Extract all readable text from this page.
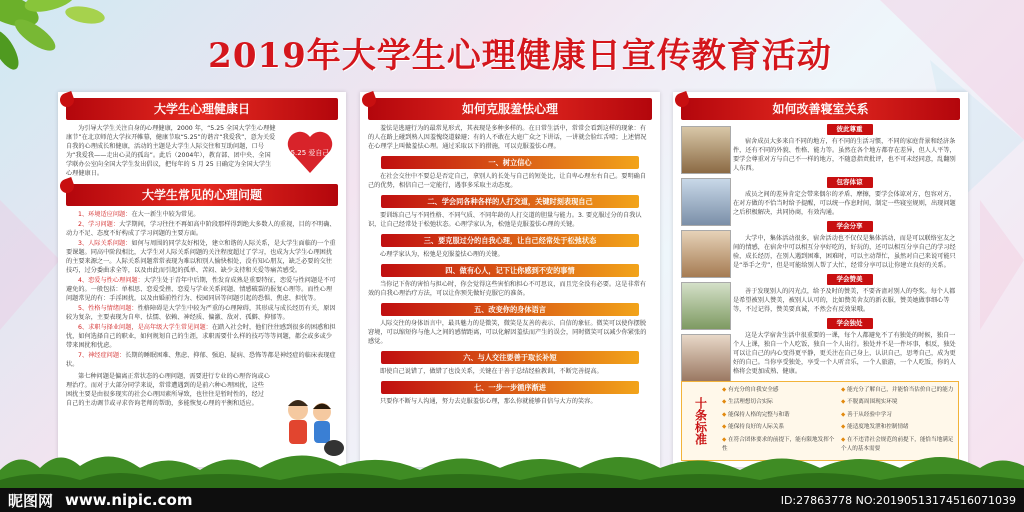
2019年大学生心理健康日宣传教育活动
大学生心理健康日

为引导大学生关注自身的心理健康，2000 年，“5.25 全国大学生心理健康节”在北京师范大学拉开帷幕，健康节取“5.25”的谐音“我爱我”，意为关爱自我的心理成长和健康，活动的主题是大学生人际交往和互助问题，口号为“我爱我——走出心灵的孤岛”。此后（2004年），教育部、团中央、全国学联办公室向全国大学生发出倡议，把每年的 5 月 25 日确定为全国大学生心理健康日。

5.25 爱自己
大学生常见的心理问题

1、环境适应问题：在大一新生中较为常见。

2、学习问题：大学期间，学习往往不再如高中阶段那样得到绝大多数人的重视，目的不明确、动力不足、态度不好构成了学习问题的主要方面。

3、人际关系问题：如何与周围的同学友好相处，建立和谐的人际关系，是大学生面临的一个重要课题。同高中阶段相比，大学生对人际关系问题的关注程度超过了学习，也成为大学生心理困扰的主要来源之一。人际关系问题常常表现为难以和别人愉快相处，没有知心朋友，缺乏必要的交往技巧，过分委曲求全等，以及由此而引起的孤单、苦闷、缺少支持和关爱等痛苦感受。

4、恋爱与性心理问题：大学生处于青年中后期，性发育成熟是重要特征，恋爱与性问题是不可避免的。一般包括：单相思、恋爱受挫、恋爱与学业关系问题、情感破裂的报复心理等。而性心理问题常见的有：手淫困扰，以及由婚前性行为、校园同居等问题引起的恐惧、焦虑、担忧等。

5、性格与情绪问题：性格障碍是大学生中较为严重的心理障碍，其形成与成长经历有关，原因较为复杂，主要表现为自卑、怯懦、依赖、神经质、偏激、敌对、孤僻、抑郁等。

6、求职与择业问题，是高年级大学生常见问题：在踏入社会时，他们往往感到很多的困惑和担忧，如何选择自己的职业，如何规划自己的生涯，求职需要什么样的技巧等等问题，都会或多或少带来困扰和忧虑。

7、神经症问题：长期的睡眠困难、焦虑、抑郁、强迫、疑病、恐怖等都是神经症的临床表现症状。

第七种问题是偏离正常状态的心理问题，需要进行专业的心理咨询或心理治疗。而对于大部分同学来说，常常遭遇到的是前六种心理困扰，这些困扰主要是由很多现实的社会心理因素所导致，也往往是暂时性的，经过自己的主动调节或寻求咨询老师的帮助，多能恢复心理的平衡和适应。

如何克服羞怯心理

羞怯是逃避行为的最常见形式，其表现是多种多样的。在日常生活中，常常会看到这样的现象：有的人在路上碰到熟人因羞愧绕道躲避；有的人不敢在大庭广众之下讲话，一讲就会脸红舌噎；上述情况在心理学上叫做羞怯心理。通过采取以下的措施，可以克服羞怯心理。

一、树立信心

在社会交往中不要总是否定自己，拿别人的长处与自己的短处比，让自卑心理左右自己。要明确自己的优势，相信自己一定能行，遇事多采取主动态度。

二、学会同各种各样的人打交道，关键时刻表现自己

要训练自己与不同性格、不同气质、不同年龄的人打交道的胆量与能力。3. 要克服过分的自我认识，让自己经常处于松弛状态。心理学家认为，松弛是克服羞怯心理的关键。

三、要克服过分的自我心理，让自己经常处于松弛状态

心理学家认为，松弛是克服羞怯心理的关键。

四、做有心人，记下让你感到不安的事情

当你记下你的害怕与担心时，你会觉得这些害怕和担心不可思议，而且完全没有必要。这是非常有效的自我心理治疗方法，可以让你预先做好克服它的准备。

五、改变你的身体语言

人际交往的身体语言中，最具魅力的是微笑，微笑是友善的表示、自信的象征。微笑可以使你摆脱窘境，可以缩短你与他人之间的感情距离，可以化解因羞怯而产生的误会，同时微笑可以减少你紧张的感觉。

六、与人交往要善于取长补短

即使自己说错了，做错了也没关系，关键在于善于总结经验教训，不断完善提高。

七、一步一步循序渐进

只要你不断与人沟通，努力去克服羞怯心理，那么你就能够自信与大方的笑容。

如何改善寝室关系
彼此尊重

宿舍成员大多来自不同的地方，有不同的生活习惯，不同的家庭背景和经济条件，还有不同的外貌、性格、能力等。虽然在各个地方都存在差异，但人人平等，要学会尊重对方与自己不一样的地方，不随意指责批评，也不可未经同意，乱翻别人东西。

包容体谅

成员之间的差异肯定会带来偶尔的矛盾、摩擦，要学会体谅对方，包容对方，在对方做的不恰当时给予提醒，可以统一作息时间，制定一些寝室规则，出现问题之后积极解决，共同协商，有效沟通。

学会分享

大学中，集体活动很多，宿舍活动也不仅仅是集体活动，而是可以联络室友之间的情感，在宿舍中可以相互分享好吃的，好玩的，还可以相互分享自己的学习经验，成长经历，在别人遇到困难，困难时，可以主动帮忙，虽然对自己来说可能只是“举手之劳”，但是可能给别人帮了大忙，经常分享可以让你建立良好的关系。

学会赞美

善于发现别人的闪光点，给予及时的赞美，不要吝啬对别人的夸奖。每个人都是希望被别人赞美，被别人认可的，比如赞美舍友的新衣服，赞美她做事细心等等，不过记得，赞美要真诚，不然会有反效果哦。

学会独处

这是大学宿舍生活中很重要的一课，每个人都避免不了有独处的时候，独自一个人上课，独自一个人吃饭，独自一个人出行。独处并不是一件坏事，相反，独处可以让自己的内心变得更平静，更关注在自己身上，认识自己，思考自己，成为更好的自己。当你享受独处，享受一个人听音乐，一个人旅游，一个人吃饭，你的人格将会更加成熟、健康。

十条标准
◆ 有充分的自我安全感	◆ 能充分了解自己，并能恰当估价自己的能力
◆ 生活理想切合实际	◆ 不脱离周围现实环境
◆ 能保持人格的完整与和谐	◆ 善于从经验中学习
◆ 能保持良好的人际关系	◆ 能适度地发泄和控制情绪
◆ 在符合团体要求的前提下，能有限地发挥个性
◆ 在不违背社会规范的前提下，能恰当地满足个人的基本需要
昵图网 www.nipic.com	ID:27863778 NO:20190513174516071039
